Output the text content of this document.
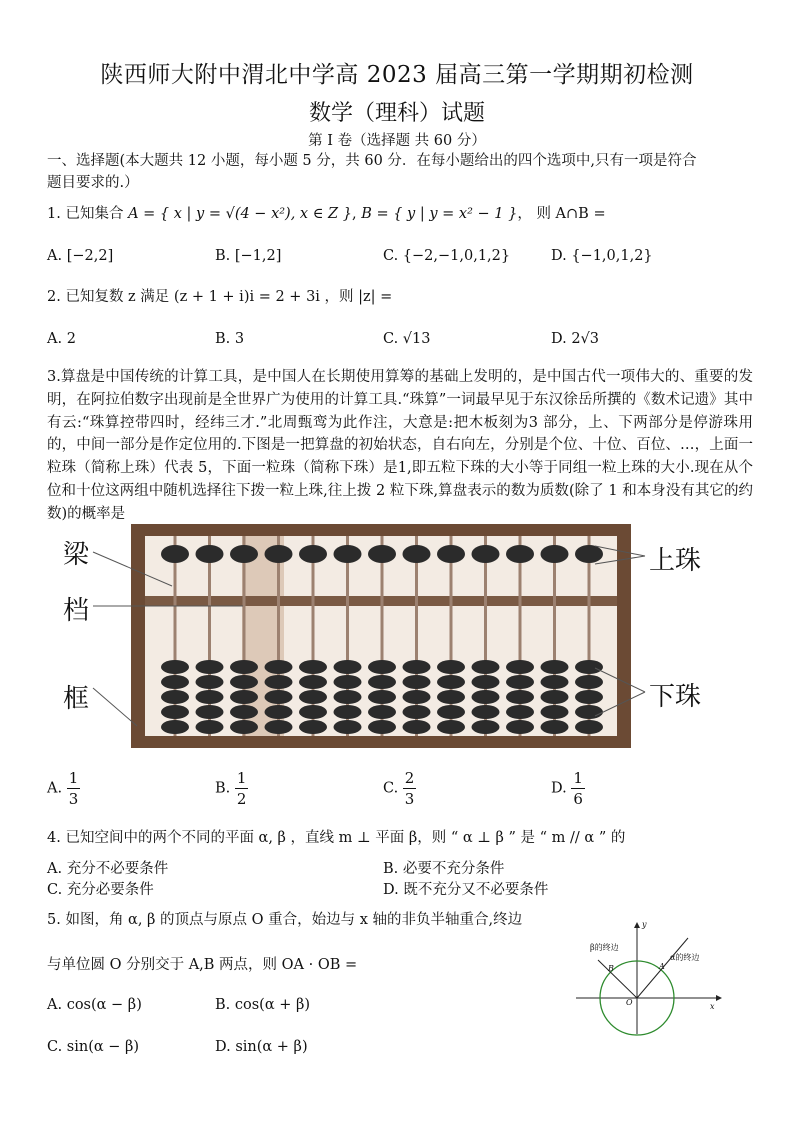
陕西师大附中渭北中学高 2023 届高三第一学期期初检测
数学（理科）试题
第 I 卷（选择题 共 60 分）
一、选择题(本大题共 12 小题，每小题 5 分，共 60 分．在每小题给出的四个选项中,只有一项是符合
题目要求的.）
1. 已知集合 A = { x | y = √(4 − x²), x ∈ Z }, B = { y | y = x² − 1 }， 则 A∩B =
A. [−2,2]	B. [−1,2]	C. {−2,−1,0,1,2}	D. {−1,0,1,2}
2. 已知复数 z 满足 (z + 1 + i)i = 2 + 3i ，则 |z| =
A. 2	B. 3	C. √13	D. 2√3
3.算盘是中国传统的计算工具，是中国人在长期使用算筹的基础上发明的，是中国古代一项伟大的、重要的发明，在阿拉伯数字出现前是全世界广为使用的计算工具.“珠算”一词最早见于东汉徐岳所撰的《数术记遗》其中有云:“珠算控带四时，经纬三才.”北周甄鸾为此作注，大意是:把木板刻为3 部分，上、下两部分是停游珠用的，中间一部分是作定位用的.下图是一把算盘的初始状态，自右向左，分别是个位、十位、百位、…，上面一粒珠（简称上珠）代表 5，下面一粒珠（简称下珠）是1,即五粒下珠的大小等于同组一粒上珠的大小.现在从个位和十位这两组中随机选择往下拨一粒上珠,往上拨 2 粒下珠,算盘表示的数为质数(除了 1 和本身没有其它的约数)的概率是
梁
档
框
上珠
下珠
A. $\frac{1}{3}$	B. $\frac{1}{2}$	C. $\frac{2}{3}$	D. $\frac{1}{6}$
4. 已知空间中的两个不同的平面 α, β ，直线 m ⊥ 平面 β，则 “ α ⊥ β ” 是 “ m // α ” 的
A. 充分不必要条件	B. 必要不充分条件
C. 充分必要条件	D. 既不充分又不必要条件
5. 如图，角 α, β 的顶点与原点 O 重合，始边与 x 轴的非负半轴重合,终边
与单位圆 O 分别交于 A,B 两点，则 OA · OB =
A. cos(α − β)	B. cos(α + β)
C. sin(α − β)	D. sin(α + β)
β的终边
α的终边
y
x
O
A
B
